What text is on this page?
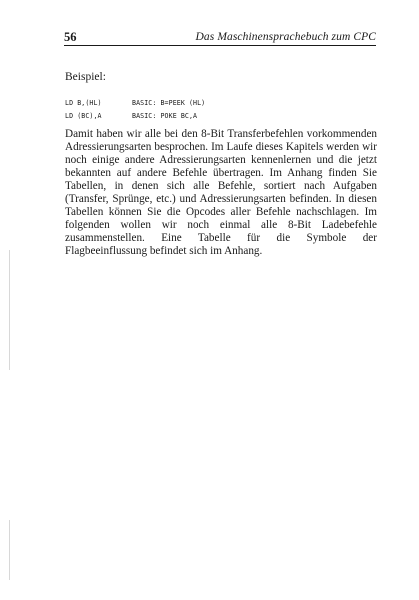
56	Das Maschinensprachebuch zum CPC
Beispiel:
LD B,(HL)	BASIC: B=PEEK (HL)
LD (BC),A	BASIC: POKE BC,A

Damit haben wir alle bei den 8-Bit Transferbefehlen vorkommenden Adressierungsarten besprochen. Im Laufe dieses Kapitels werden wir noch einige andere Adressierungsarten kennenlernen und die jetzt bekannten auf andere Befehle übertragen. Im Anhang finden Sie Tabellen, in denen sich alle Befehle, sortiert nach Aufgaben (Transfer, Sprünge, etc.) und Adressierungsarten befinden. In diesen Tabellen können Sie die Opcodes aller Befehle nachschlagen. Im folgenden wollen wir noch einmal alle 8-Bit Ladebefehle zusammenstellen. Eine Tabelle für die Symbole der Flagbeeinflussung befindet sich im Anhang.
